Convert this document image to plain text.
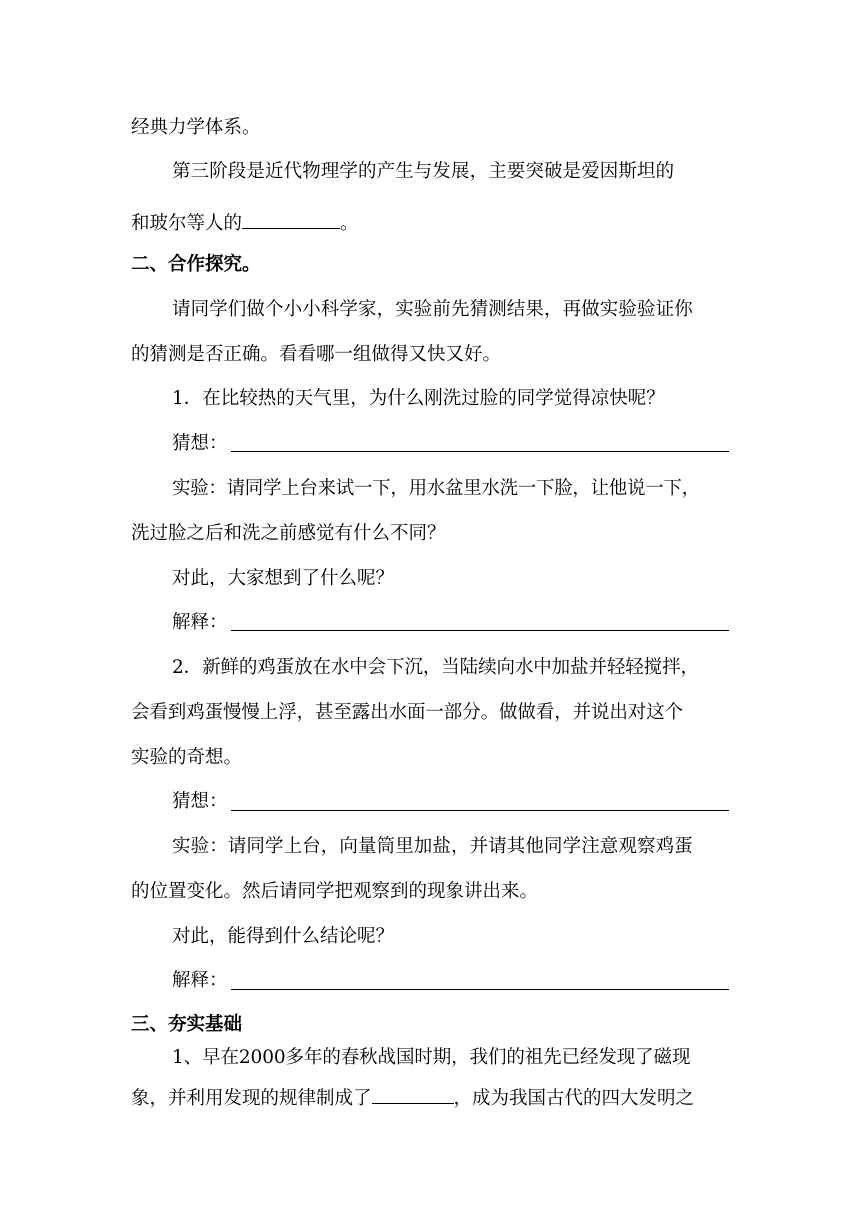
经典力学体系。
第三阶段是近代物理学的产生与发展，主要突破是爱因斯坦的
和玻尔等人的	。
二、合作探究。
请同学们做个小小科学家，实验前先猜测结果，再做实验验证你
的猜测是否正确。看看哪一组做得又快又好。
1．在比较热的天气里，为什么刚洗过脸的同学觉得凉快呢？
猜想：
实验：请同学上台来试一下，用水盆里水洗一下脸，让他说一下，
洗过脸之后和洗之前感觉有什么不同？
对此，大家想到了什么呢？
解释：
2．新鲜的鸡蛋放在水中会下沉，当陆续向水中加盐并轻轻搅拌，
会看到鸡蛋慢慢上浮，甚至露出水面一部分。做做看，并说出对这个
实验的奇想。
猜想：
实验：请同学上台，向量筒里加盐，并请其他同学注意观察鸡蛋
的位置变化。然后请同学把观察到的现象讲出来。
对此，能得到什么结论呢？
解释：
三、夯实基础
1、早在2000多年的春秋战国时期，我们的祖先已经发现了磁现
象，并利用发现的规律制成了	，成为我国古代的四大发明之
